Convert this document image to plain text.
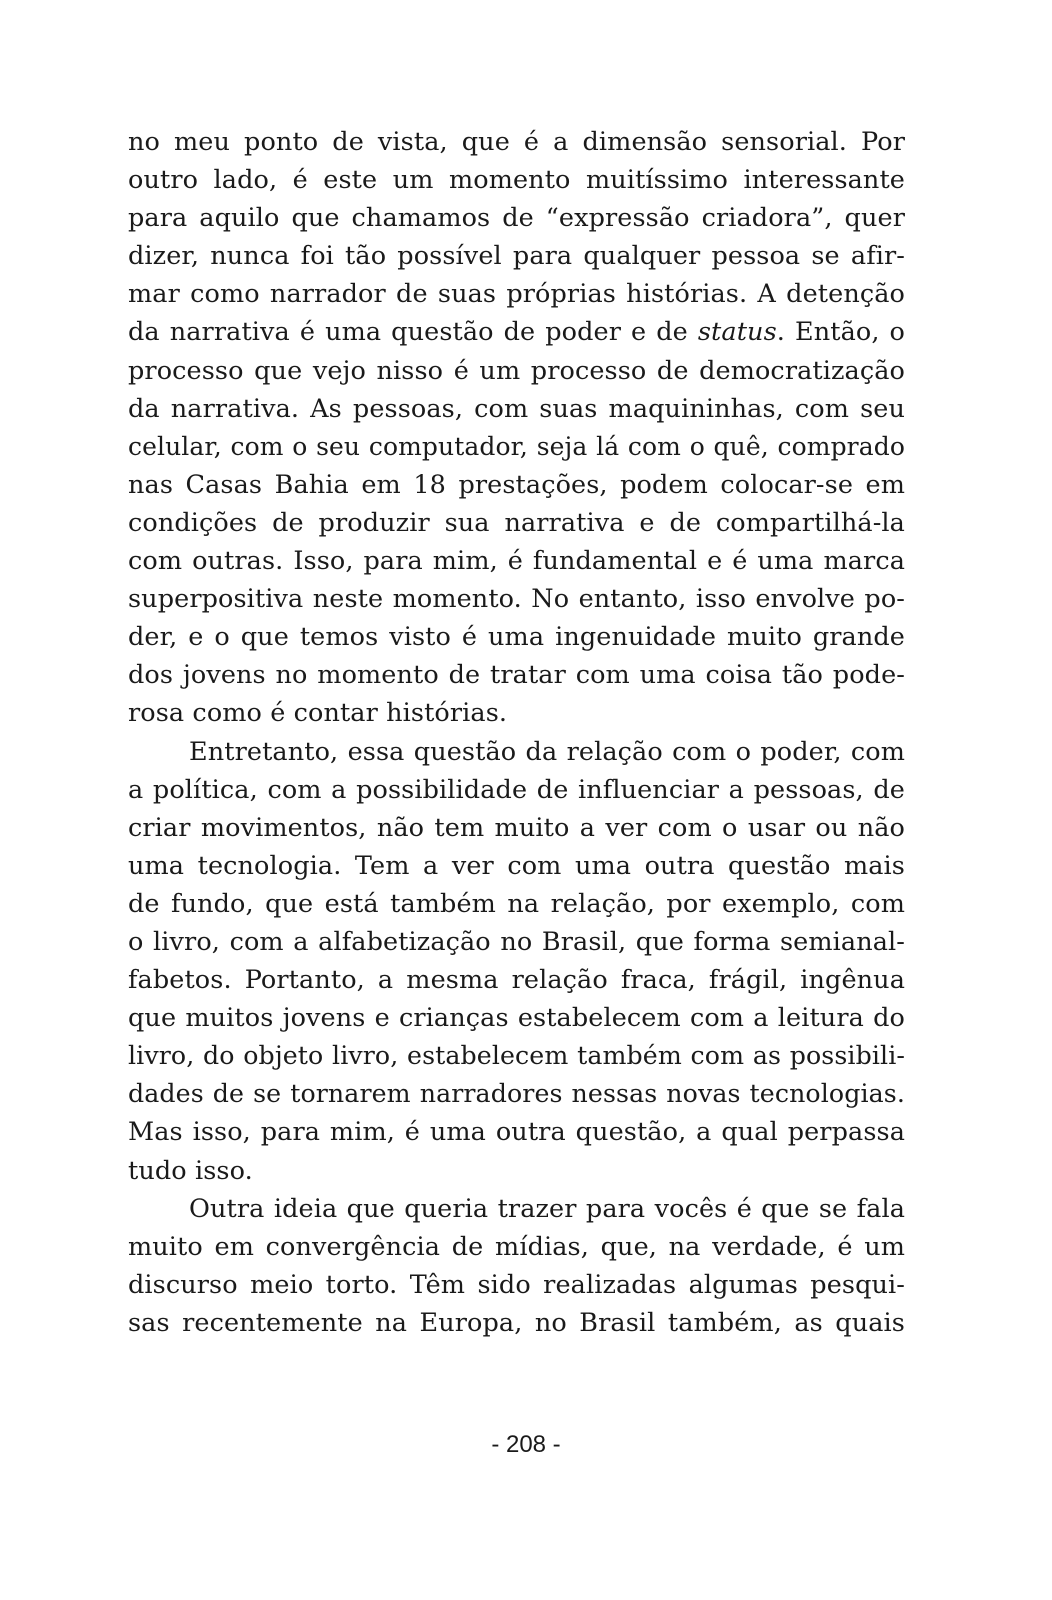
no meu ponto de vista, que é a dimensão sensorial. Por
outro lado, é este um momento muitíssimo interessante
para aquilo que chamamos de “expressão criadora”, quer
dizer, nunca foi tão possível para qualquer pessoa se afir-
mar como narrador de suas próprias histórias. A detenção
da narrativa é uma questão de poder e de status. Então, o
processo que vejo nisso é um processo de democratização
da narrativa. As pessoas, com suas maquininhas, com seu
celular, com o seu computador, seja lá com o quê, comprado
nas Casas Bahia em 18 prestações, podem colocar-se em
condições de produzir sua narrativa e de compartilhá-la
com outras. Isso, para mim, é fundamental e é uma marca
superpositiva neste momento. No entanto, isso envolve po-
der, e o que temos visto é uma ingenuidade muito grande
dos jovens no momento de tratar com uma coisa tão pode-
rosa como é contar histórias.
Entretanto, essa questão da relação com o poder, com
a política, com a possibilidade de influenciar a pessoas, de
criar movimentos, não tem muito a ver com o usar ou não
uma tecnologia. Tem a ver com uma outra questão mais
de fundo, que está também na relação, por exemplo, com
o livro, com a alfabetização no Brasil, que forma semianal-
fabetos. Portanto, a mesma relação fraca, frágil, ingênua
que muitos jovens e crianças estabelecem com a leitura do
livro, do objeto livro, estabelecem também com as possibili-
dades de se tornarem narradores nessas novas tecnologias.
Mas isso, para mim, é uma outra questão, a qual perpassa
tudo isso.
Outra ideia que queria trazer para vocês é que se fala
muito em convergência de mídias, que, na verdade, é um
discurso meio torto. Têm sido realizadas algumas pesqui-
sas recentemente na Europa, no Brasil também, as quais
- 208 -
